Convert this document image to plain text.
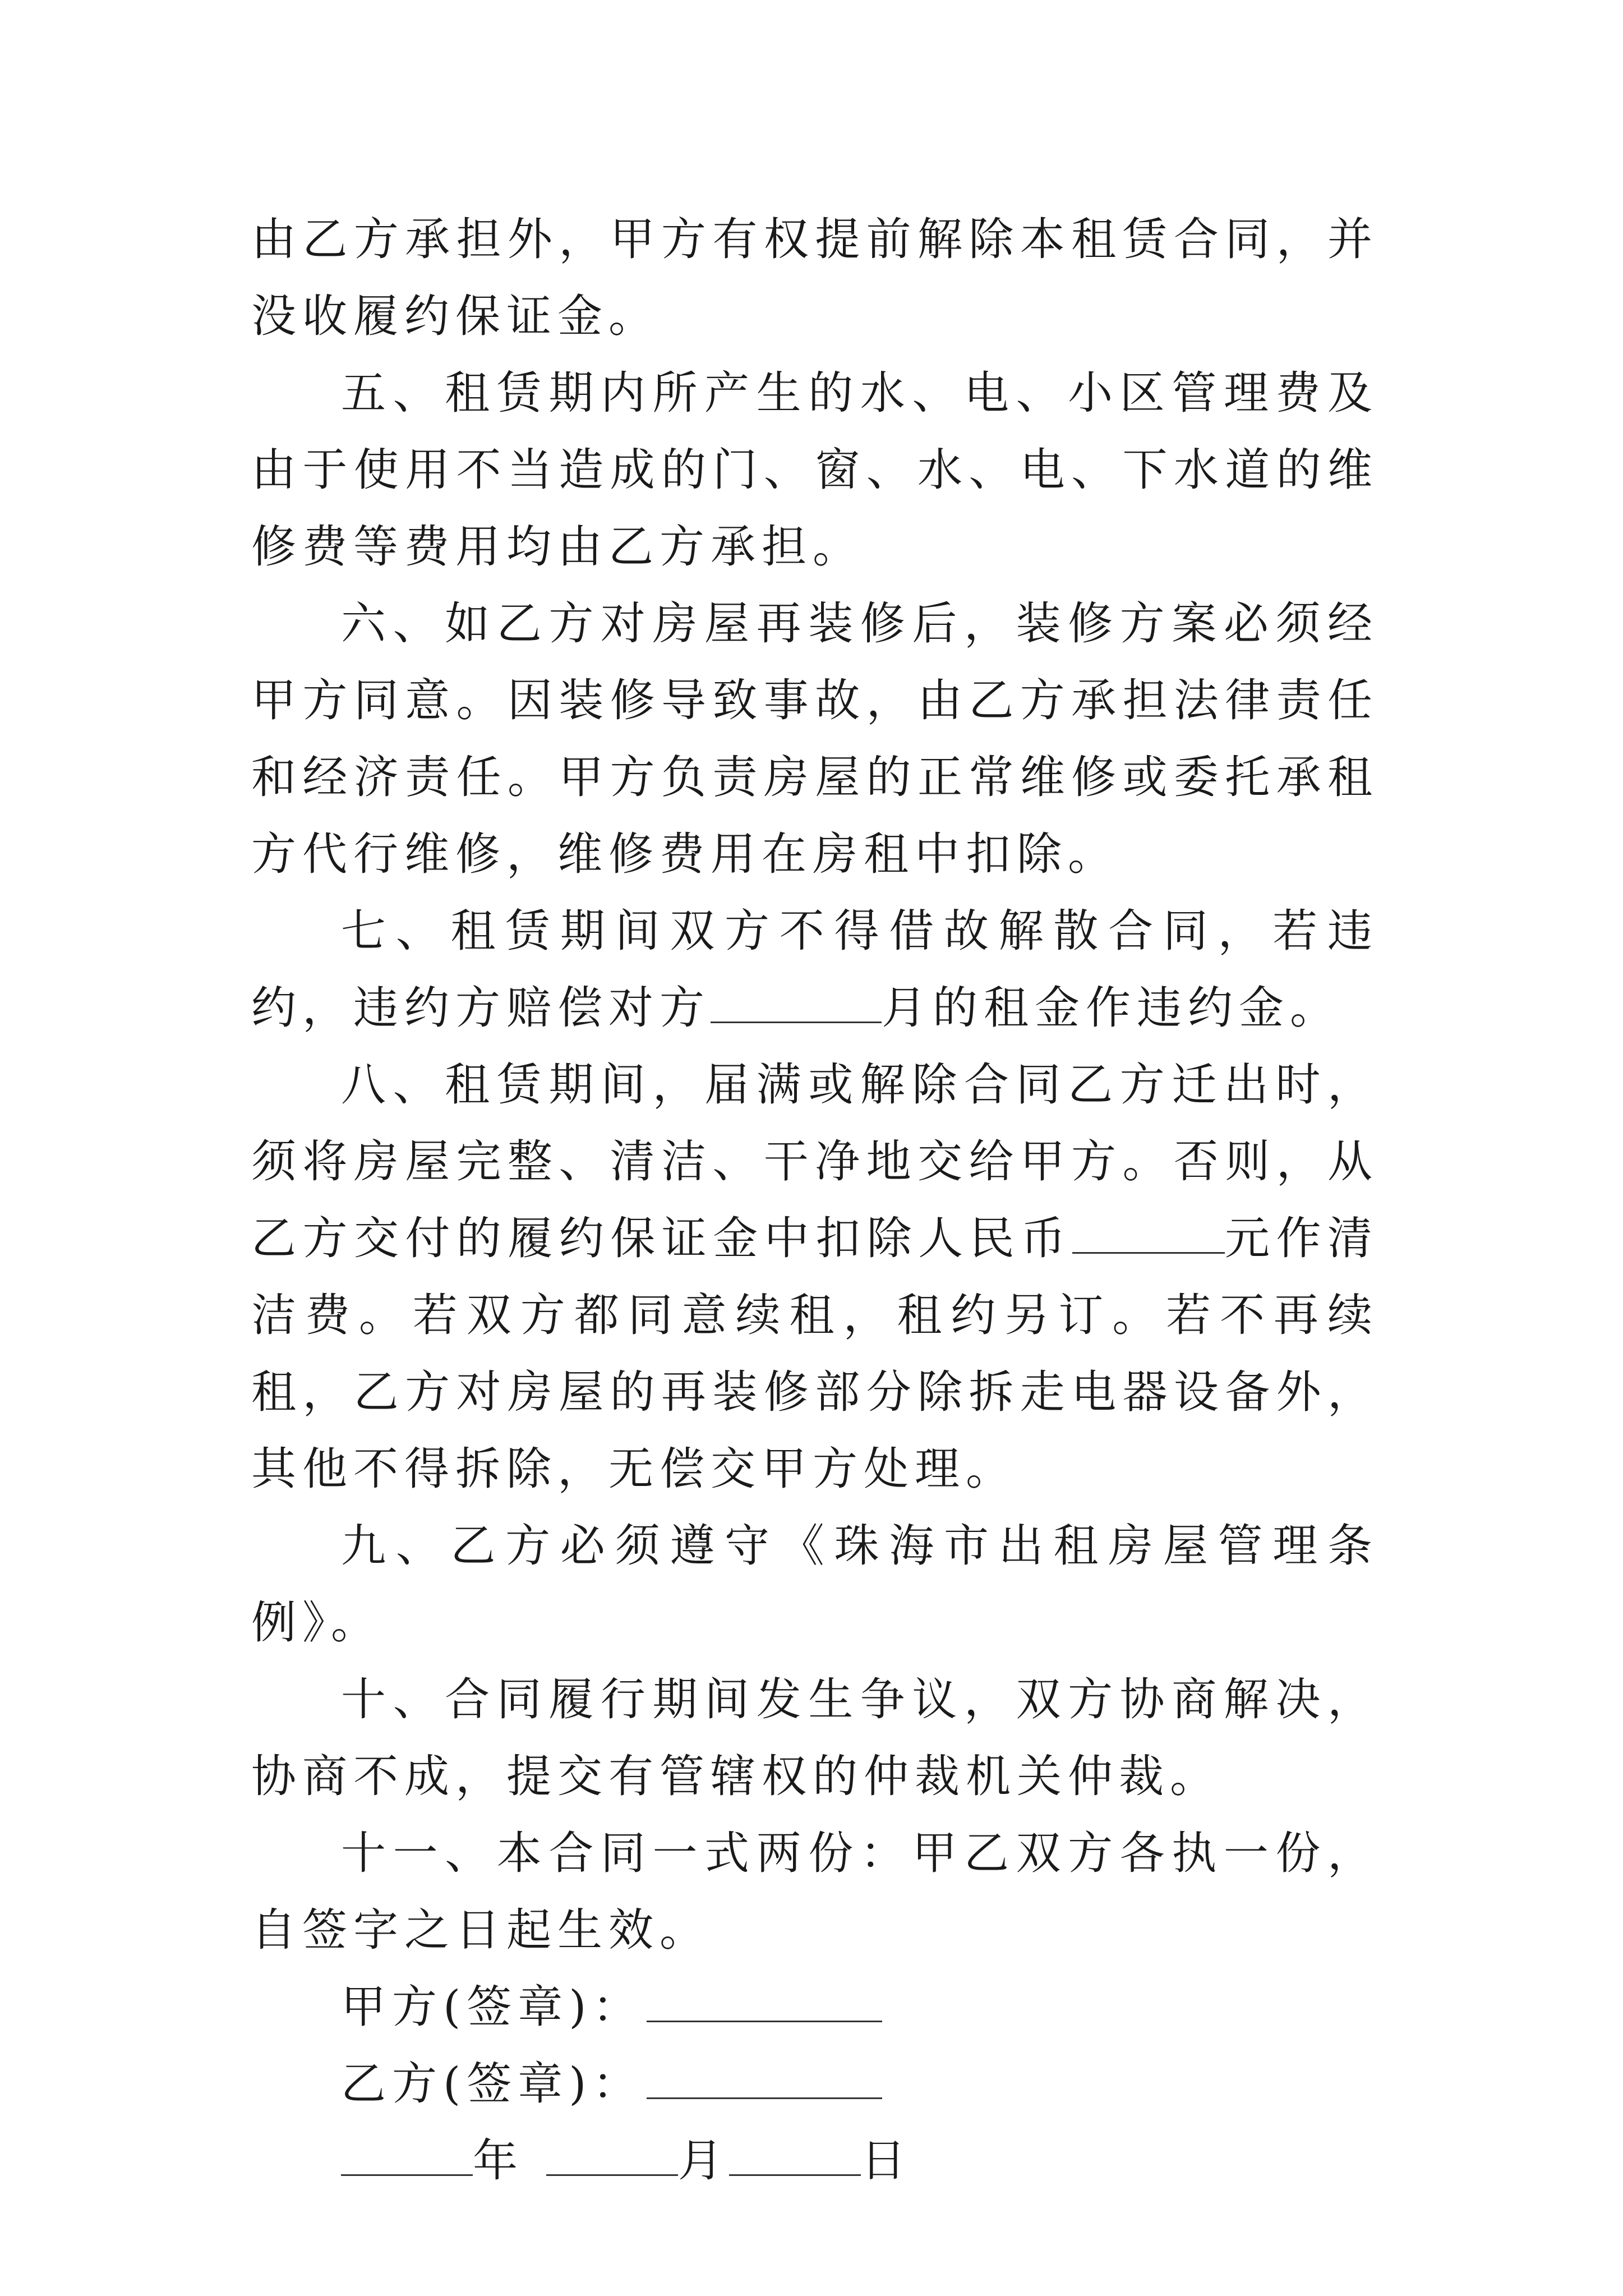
由乙方承担外，甲方有权提前解除本租赁合同，并没收履约保证金。

五、租赁期内所产生的水、电、小区管理费及由于使用不当造成的门、窗、水、电、下水道的维修费等费用均由乙方承担。

六、如乙方对房屋再装修后，装修方案必须经甲方同意。因装修导致事故，由乙方承担法律责任和经济责任。甲方负责房屋的正常维修或委托承租方代行维修，维修费用在房租中扣除。

七、租赁期间双方不得借故解散合同，若违约，违约方赔偿对方	月的租金作违约金。

八、租赁期间，届满或解除合同乙方迁出时，须将房屋完整、清洁、干净地交给甲方。否则，从乙方交付的履约保证金中扣除人民币	元作清洁费。若双方都同意续租，租约另订。若不再续租，乙方对房屋的再装修部分除拆走电器设备外，其他不得拆除，无偿交甲方处理。

九、乙方必须遵守《珠海市出租房屋管理条例》。

十、合同履行期间发生争议，双方协商解决，协商不成，提交有管辖权的仲裁机关仲裁。

十一、本合同一式两份：甲乙双方各执一份，自签字之日起生效。

甲方(签章)：

乙方(签章)：

年	月	日
